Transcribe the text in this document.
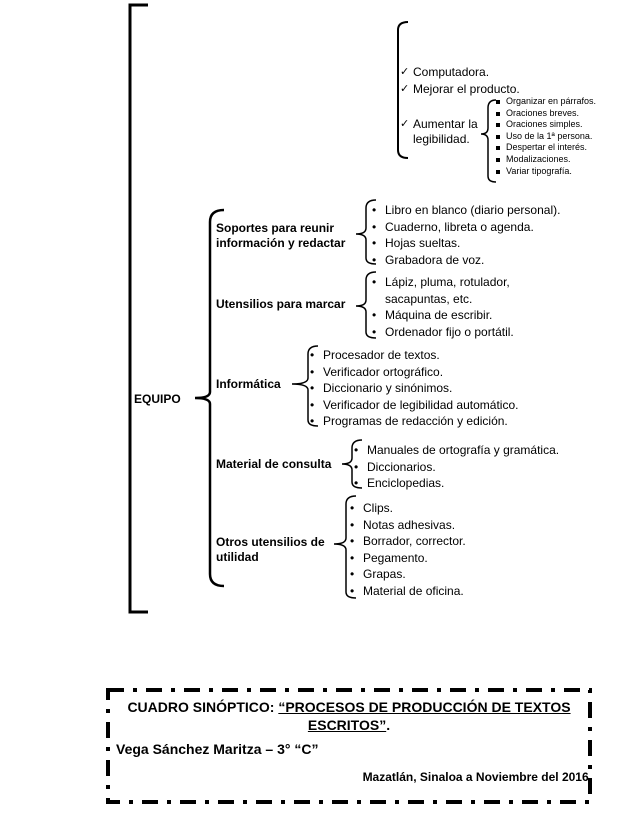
EQUIPO
✓ Computadora.
✓ Mejorar el producto.
✓ Aumentar la
legibilidad.
Organizar en párrafos.
Oraciones breves.
Oraciones simples.
Uso de la 1ª persona.
Despertar el interés.
Modalizaciones.
Variar tipografía.
Soportes para reunir
información y redactar
• Libro en blanco (diario personal).
• Cuaderno, libreta o agenda.
• Hojas sueltas.
• Grabadora de voz.
Utensilios para marcar
• Lápiz, pluma, rotulador,
sacapuntas, etc.
• Máquina de escribir.
• Ordenador fijo o portátil.
Informática
• Procesador de textos.
• Verificador ortográfico.
• Diccionario y sinónimos.
• Verificador de legibilidad automático.
• Programas de redacción y edición.
Material de consulta
• Manuales de ortografía y gramática.
• Diccionarios.
• Enciclopedias.
Otros utensilios de
utilidad
• Clips.
• Notas adhesivas.
• Borrador, corrector.
• Pegamento.
• Grapas.
• Material de oficina.
CUADRO SINÓPTICO: “PROCESOS DE PRODUCCIÓN DE TEXTOS ESCRITOS”.
Vega Sánchez Maritza – 3° “C”
Mazatlán, Sinaloa a Noviembre del 2016.
